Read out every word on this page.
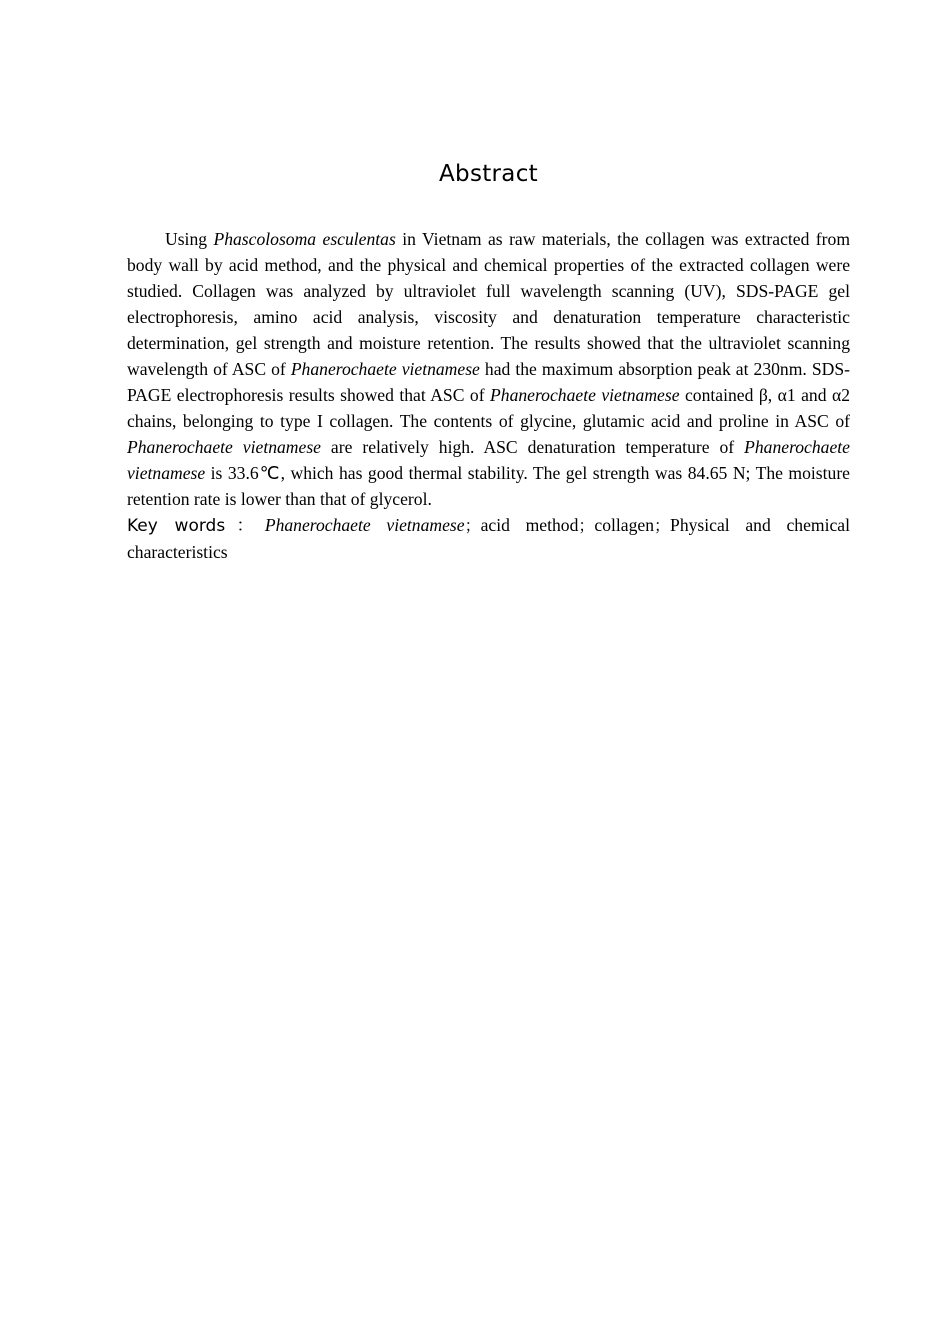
Abstract

Using Phascolosoma esculentas in Vietnam as raw materials, the collagen was extracted from body wall by acid method, and the physical and chemical properties of the extracted collagen were studied. Collagen was analyzed by ultraviolet full wavelength scanning (UV), SDS-PAGE gel electrophoresis, amino acid analysis, viscosity and denaturation temperature characteristic determination, gel strength and moisture retention. The results showed that the ultraviolet scanning wavelength of ASC of Phanerochaete vietnamese had the maximum absorption peak at 230nm. SDS-PAGE electrophoresis results showed that ASC of Phanerochaete vietnamese contained β, α1 and α2 chains, belonging to type I collagen. The contents of glycine, glutamic acid and proline in ASC of Phanerochaete vietnamese are relatively high. ASC denaturation temperature of Phanerochaete vietnamese is 33.6℃, which has good thermal stability. The gel strength was 84.65 N; The moisture retention rate is lower than that of glycerol.

Key words：Phanerochaete vietnamese；acid method；collagen；Physical and chemical characteristics
